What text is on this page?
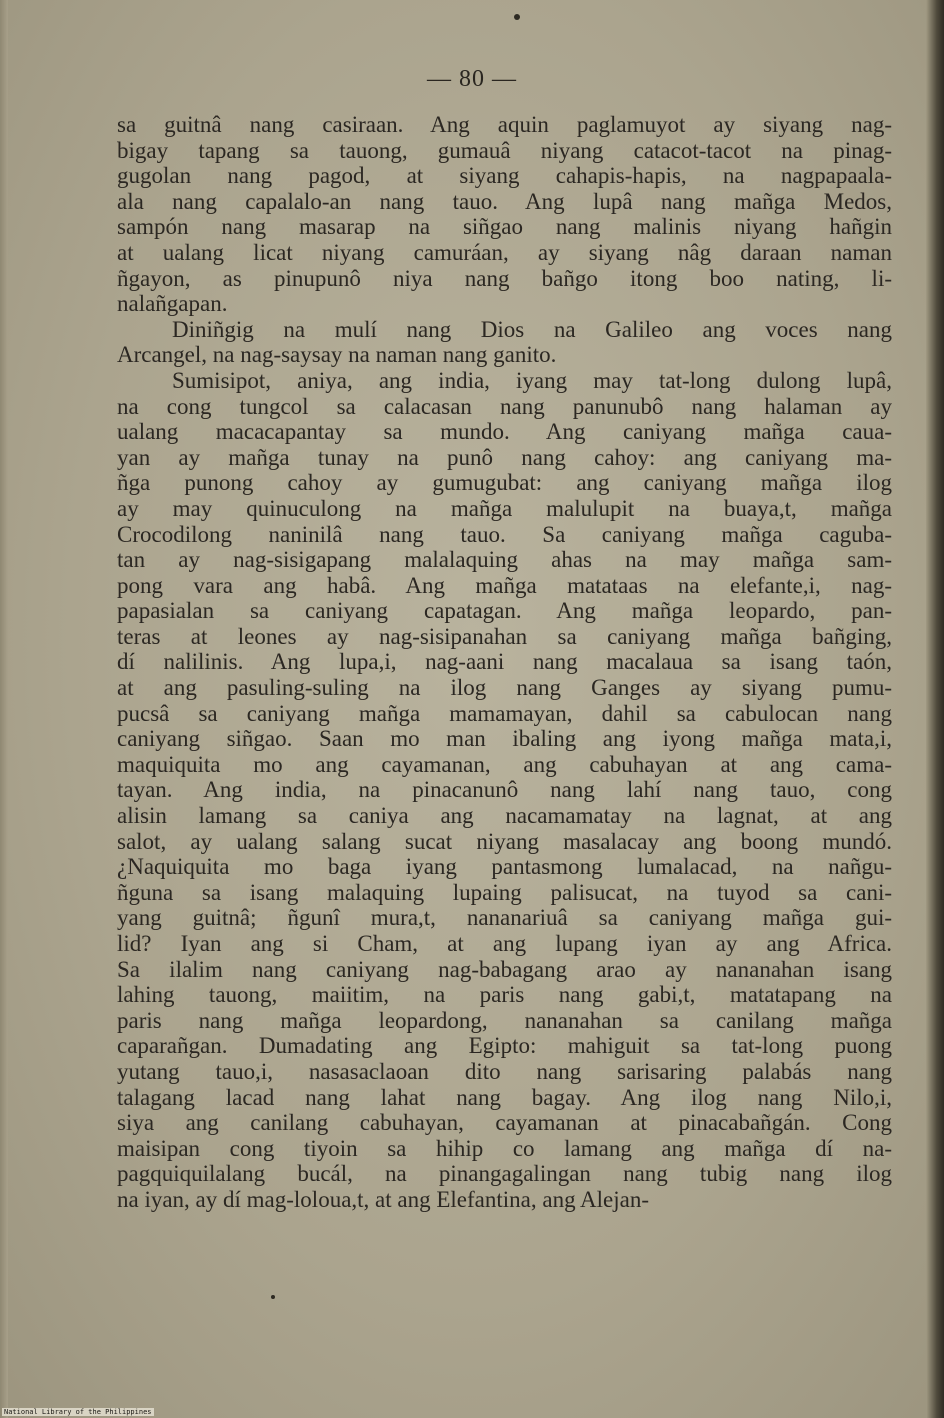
— 80 —
sa guitnâ nang casiraan. Ang aquin paglamuyot ay siyang nag-
bigay tapang sa tauong, gumauâ niyang catacot-tacot na pinag-
gugolan nang pagod, at siyang cahapis-hapis, na nagpapaala-
ala nang capalalo-an nang tauo. Ang lupâ nang mañga Medos,
sampón nang masarap na siñgao nang malinis niyang hañgin
at ualang licat niyang camuráan, ay siyang nâg daraan naman
ñgayon, as pinupunô niya nang bañgo itong boo nating, li-
nalañgapan.
Diniñgig na mulí nang Dios na Galileo ang voces nang
Arcangel, na nag-saysay na naman nang ganito.
Sumisipot, aniya, ang india, iyang may tat-long dulong lupâ,
na cong tungcol sa calacasan nang panunubô nang halaman ay
ualang macacapantay sa mundo. Ang caniyang mañga caua-
yan ay mañga tunay na punô nang cahoy: ang caniyang ma-
ñga punong cahoy ay gumugubat: ang caniyang mañga ilog
ay may quinuculong na mañga malulupit na buaya,t, mañga
Crocodilong naninilâ nang tauo. Sa caniyang mañga caguba-
tan ay nag-sisigapang malalaquing ahas na may mañga sam-
pong vara ang habâ. Ang mañga matataas na elefante,i, nag-
papasialan sa caniyang capatagan. Ang mañga leopardo, pan-
teras at leones ay nag-sisipanahan sa caniyang mañga bañging,
dí nalilinis. Ang lupa,i, nag-aani nang macalaua sa isang taón,
at ang pasuling-suling na ilog nang Ganges ay siyang pumu-
pucsâ sa caniyang mañga mamamayan, dahil sa cabulocan nang
caniyang siñgao. Saan mo man ibaling ang iyong mañga mata,i,
maquiquita mo ang cayamanan, ang cabuhayan at ang cama-
tayan. Ang india, na pinacanunô nang lahí nang tauo, cong
alisin lamang sa caniya ang nacamamatay na lagnat, at ang
salot, ay ualang salang sucat niyang masalacay ang boong mundó.
¿Naquiquita mo baga iyang pantasmong lumalacad, na nañgu-
ñguna sa isang malaquing lupaing palisucat, na tuyod sa cani-
yang guitnâ; ñgunî mura,t, nananariuâ sa caniyang mañga gui-
lid? Iyan ang si Cham, at ang lupang iyan ay ang Africa.
Sa ilalim nang caniyang nag-babagang arao ay nananahan isang
lahing tauong, maiitim, na paris nang gabi,t, matatapang na
paris nang mañga leopardong, nananahan sa canilang mañga
caparañgan. Dumadating ang Egipto: mahiguit sa tat-long puong
yutang tauo,i, nasasaclaoan dito nang sarisaring palabás nang
talagang lacad nang lahat nang bagay. Ang ilog nang Nilo,i,
siya ang canilang cabuhayan, cayamanan at pinacabañgán. Cong
maisipan cong tiyoin sa hihip co lamang ang mañga dí na-
pagquiquilalang bucál, na pinangagalingan nang tubig nang ilog
na iyan, ay dí mag-loloua,t, at ang Elefantina, ang Alejan-
National Library of the Philippines
